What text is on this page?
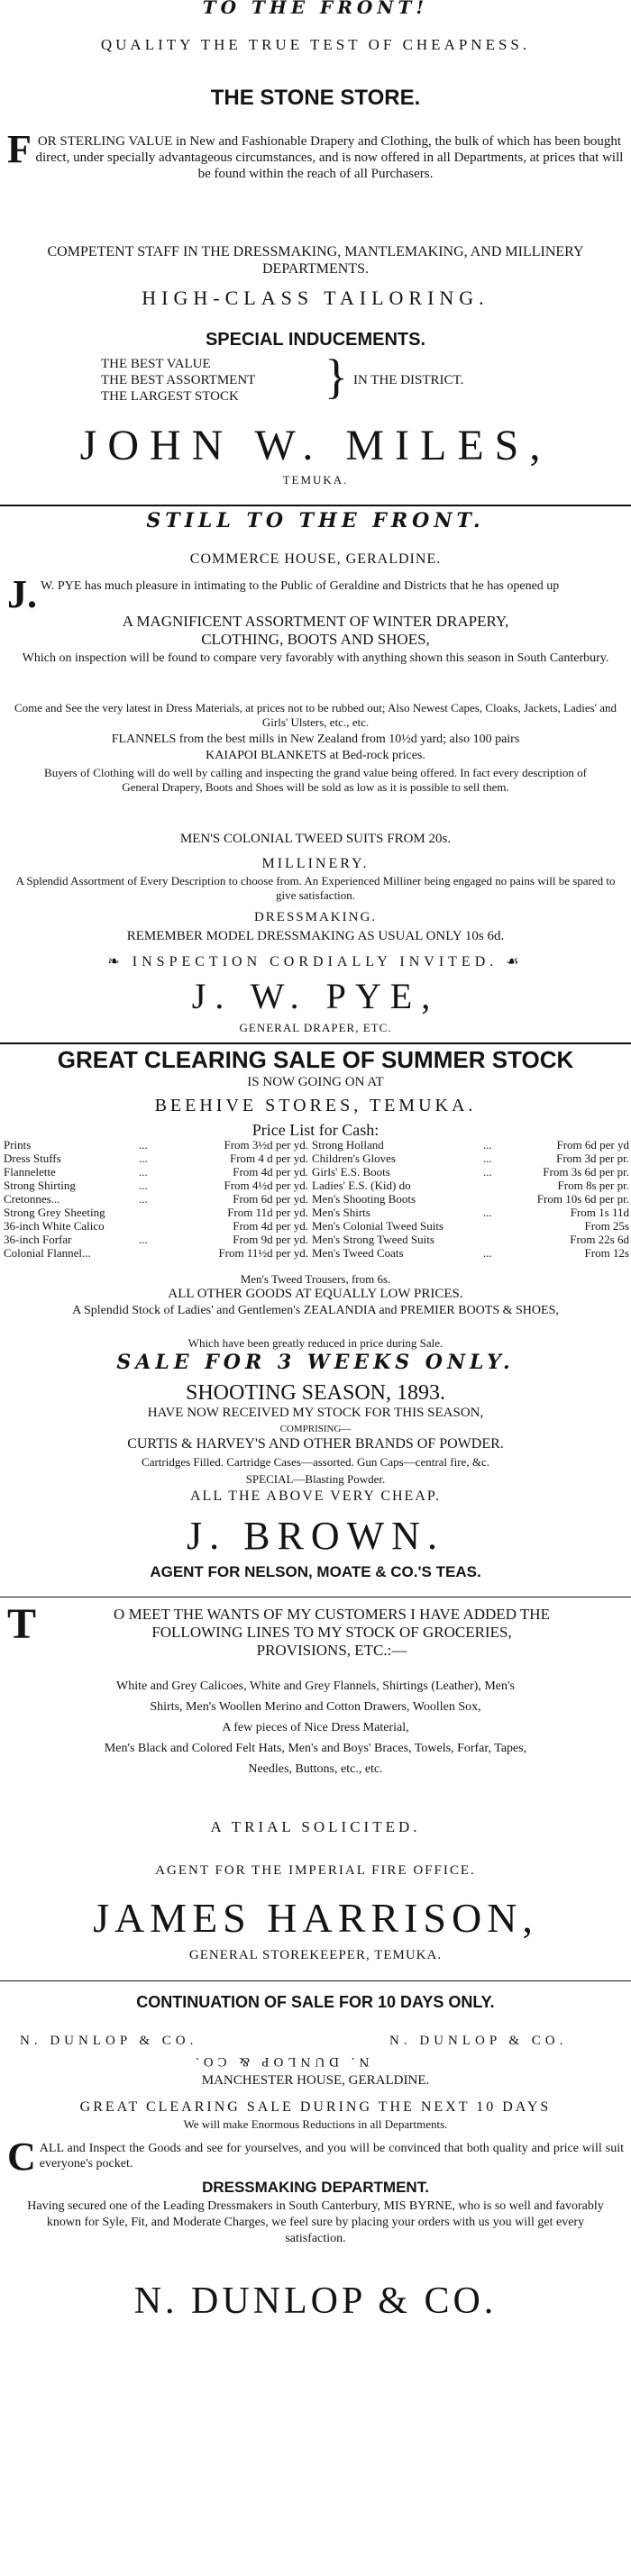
TO THE FRONT!
QUALITY THE TRUE TEST OF CHEAPNESS.
THE STONE STORE.
F OR STERLING VALUE in New and Fashionable Drapery and Clothing, the bulk of which has been bought direct, under specially advantageous circumstances, and is now offered in all Departments, at prices that will be found within the reach of all Purchasers.
COMPETENT STAFF IN THE DRESSMAKING, MANTLEMAKING, AND MILLINERY DEPARTMENTS.
HIGH-CLASS TAILORING.
SPECIAL INDUCEMENTS.
THE BEST VALUE
THE BEST ASSORTMENT
THE LARGEST STOCK	} IN THE DISTRICT.
JOHN W. MILES,
TEMUKA.
STILL TO THE FRONT.
COMMERCE HOUSE, GERALDINE.
J. W. PYE has much pleasure in intimating to the Public of Geraldine and Districts that he has opened up
A MAGNIFICENT ASSORTMENT OF WINTER DRAPERY,
CLOTHING, BOOTS AND SHOES,
Which on inspection will be found to compare very favorably with anything shown this season in South Canterbury.
Come and See the very latest in Dress Materials, at prices not to be rubbed out; Also Newest Capes, Cloaks, Jackets, Ladies' and Girls' Ulsters, etc., etc.
FLANNELS from the best mills in New Zealand from 10½d yard; also 100 pairs
KAIAPOI BLANKETS at Bed-rock prices.
Buyers of Clothing will do well by calling and inspecting the grand value being offered. In fact every description of General Drapery, Boots and Shoes will be sold as low as it is possible to sell them.
MEN'S COLONIAL TWEED SUITS FROM 20s.
MILLINERY.
A Splendid Assortment of Every Description to choose from. An Experienced Milliner being engaged no pains will be spared to give satisfaction.
DRESSMAKING.
REMEMBER MODEL DRESSMAKING AS USUAL ONLY 10s 6d.
❧ INSPECTION CORDIALLY INVITED. ☙
J. W. PYE,
GENERAL DRAPER, ETC.
GREAT CLEARING SALE OF SUMMER STOCK
IS NOW GOING ON AT
BEEHIVE STORES, TEMUKA.
Price List for Cash:
Prints	...	From 3½d per yd.
Dress Stuffs	...	From 4 d per yd.
Flannelette	...	From 4d per yd.
Strong Shirting	...	From 4½d per yd.
Cretonnes...	...	From 6d per yd.
Strong Grey Sheeting	From 11d per yd.
36-inch White Calico	From 4d per yd.
36-inch Forfar	...	From 9d per yd.
Colonial Flannel...	From 11½d per yd.
Strong Holland	...	From 6d per yd
Children's Gloves	...	From 3d per pr.
Girls' E.S. Boots	...	From 3s 6d per pr.
Ladies' E.S. (Kid) do	From 8s per pr.
Men's Shooting Boots	From 10s 6d per pr.
Men's Shirts	...	From 1s 11d
Men's Colonial Tweed Suits	From 25s
Men's Strong Tweed Suits	From 22s 6d
Men's Tweed Coats	...	From 12s
Men's Tweed Trousers, from 6s.
ALL OTHER GOODS AT EQUALLY LOW PRICES.
A Splendid Stock of Ladies' and Gentlemen's ZEALANDIA and PREMIER BOOTS & SHOES,
Which have been greatly reduced in price during Sale.
SALE FOR 3 WEEKS ONLY.
SHOOTING SEASON, 1893.
HAVE NOW RECEIVED MY STOCK FOR THIS SEASON,
COMPRISING—
CURTIS & HARVEY'S AND OTHER BRANDS OF POWDER.
Cartridges Filled. Cartridge Cases—assorted. Gun Caps—central fire, &c.
SPECIAL—Blasting Powder.
ALL THE ABOVE VERY CHEAP.
J. BROWN.
AGENT FOR NELSON, MOATE & CO.'S TEAS.
T	O MEET THE WANTS OF MY CUSTOMERS I HAVE ADDED THE
FOLLOWING LINES TO MY STOCK OF GROCERIES,
PROVISIONS, ETC.:—
White and Grey Calicoes, White and Grey Flannels, Shirtings (Leather), Men's
Shirts, Men's Woollen Merino and Cotton Drawers, Woollen Sox,
A few pieces of Nice Dress Material,
Men's Black and Colored Felt Hats, Men's and Boys' Braces, Towels, Forfar, Tapes,
Needles, Buttons, etc., etc.
A TRIAL SOLICITED.
AGENT FOR THE IMPERIAL FIRE OFFICE.
JAMES HARRISON,
GENERAL STOREKEEPER, TEMUKA.
CONTINUATION OF SALE FOR 10 DAYS ONLY.
N. DUNLOP & CO.	N. DUNLOP & CO.
N. DUNLOP & CO.
MANCHESTER HOUSE, GERALDINE.
GREAT CLEARING SALE DURING THE NEXT 10 DAYS
We will make Enormous Reductions in all Departments.
C ALL and Inspect the Goods and see for yourselves, and you will be convinced that both quality and price will suit everyone's pocket.
DRESSMAKING DEPARTMENT.
Having secured one of the Leading Dressmakers in South Canterbury, MIS BYRNE, who is so well and favorably known for Syle, Fit, and Moderate Charges, we feel sure by placing your orders with us you will get every satisfaction.
N. DUNLOP & CO.
